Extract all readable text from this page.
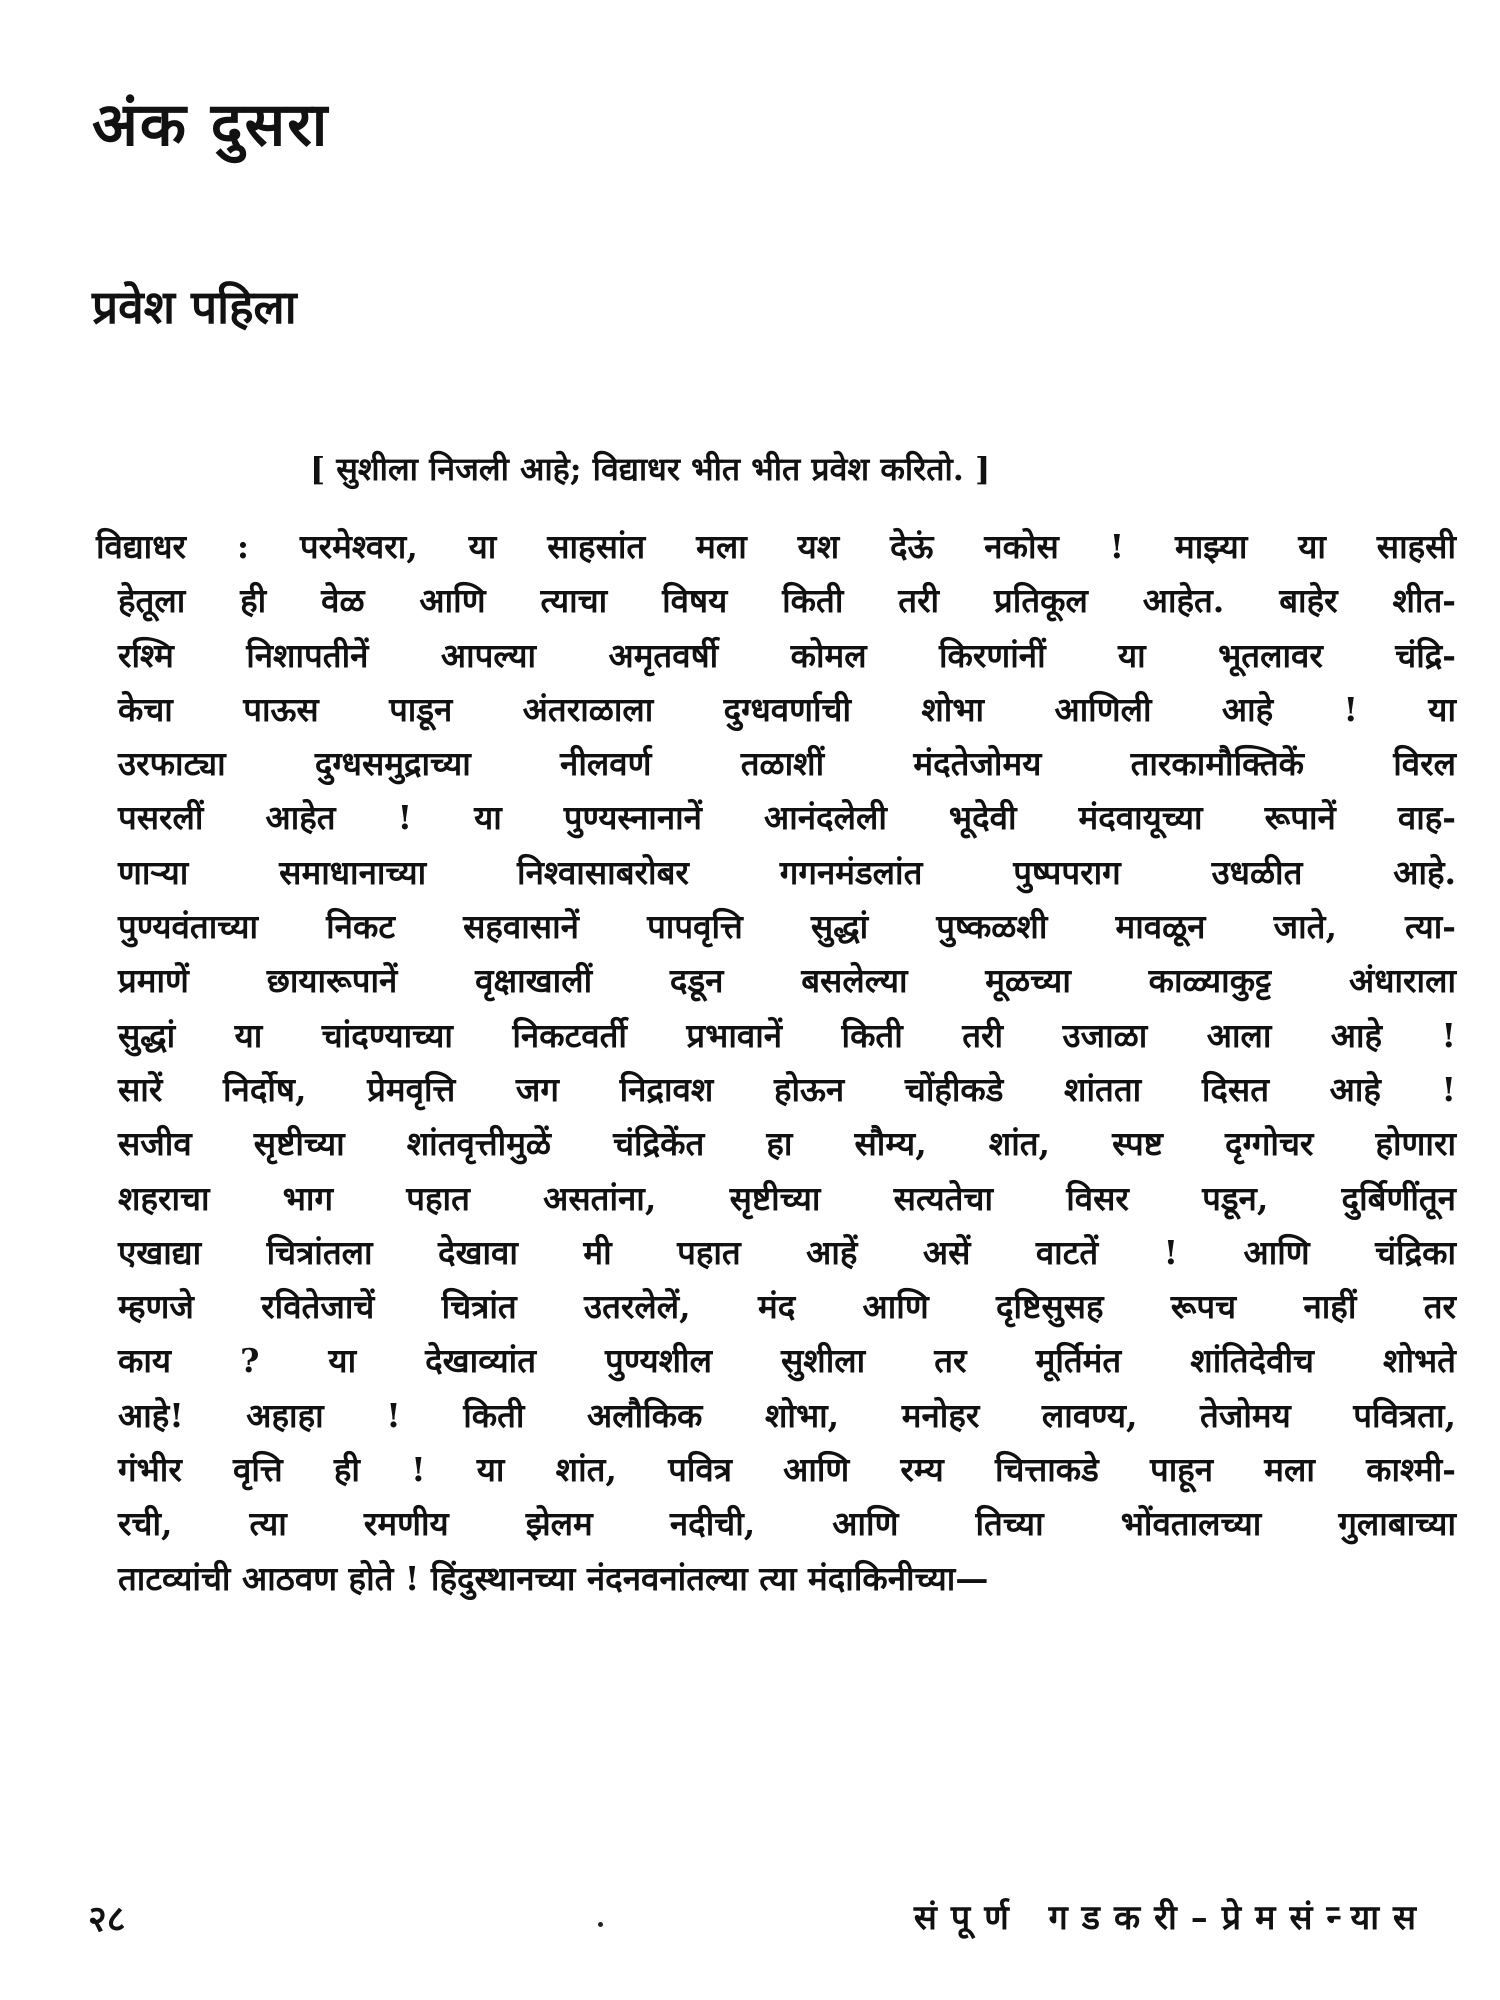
अंक दुसरा
प्रवेश पहिला
[ सुशीला निजली आहे; विद्याधर भीत भीत प्रवेश करितो. ]
विद्याधर : परमेश्वरा, या साहसांत मला यश देऊं नकोस ! माझ्या या साहसी
हेतूला ही वेळ आणि त्याचा विषय किती तरी प्रतिकूल आहेत. बाहेर शीत-
रश्मि निशापतीनें आपल्या अमृतवर्षी कोमल किरणांनीं या भूतलावर चंद्रि-
केचा पाऊस पाडून अंतराळाला दुग्धवर्णाची शोभा आणिली आहे ! या
उरफाट्या दुग्धसमुद्राच्या नीलवर्ण तळाशीं मंदतेजोमय तारकामौक्तिकें विरल
पसरलीं आहेत ! या पुण्यस्नानानें आनंदलेली भूदेवी मंदवायूच्या रूपानें वाह-
णाऱ्या समाधानाच्या निश्वासाबरोबर गगनमंडलांत पुष्पपराग उधळीत आहे.
पुण्यवंताच्या निकट सहवासानें पापवृत्ति सुद्धां पुष्कळशी मावळून जाते, त्या-
प्रमाणें छायारूपानें वृक्षाखालीं दडून बसलेल्या मूळच्या काळ्याकुट्ट अंधाराला
सुद्धां या चांदण्याच्या निकटवर्ती प्रभावानें किती तरी उजाळा आला आहे !
सारें निर्दोष, प्रेमवृत्ति जग निद्रावश होऊन चोंहीकडे शांतता दिसत आहे !
सजीव सृष्टीच्या शांतवृत्तीमुळें चंद्रिकेंत हा सौम्य, शांत, स्पष्ट दृग्गोचर होणारा
शहराचा भाग पहात असतांना, सृष्टीच्या सत्यतेचा विसर पडून, दुर्बिणींतून
एखाद्या चित्रांतला देखावा मी पहात आहें असें वाटतें ! आणि चंद्रिका
म्हणजे रवितेजाचें चित्रांत उतरलेलें, मंद आणि दृष्टिसुसह रूपच नाहीं तर
काय ? या देखाव्यांत पुण्यशील सुशीला तर मूर्तिमंत शांतिदेवीच शोभते
आहे! अहाहा ! किती अलौकिक शोभा, मनोहर लावण्य, तेजोमय पवित्रता,
गंभीर वृत्ति ही ! या शांत, पवित्र आणि रम्य चित्ताकडे पाहून मला काश्मी-
रची, त्या रमणीय झेलम नदीची, आणि तिच्या भोंवतालच्या गुलाबाच्या
ताटव्यांची आठवण होते ! हिंदुस्थानच्या नंदनवनांतल्या त्या मंदाकिनीच्या—
२८	संपूर्ण गडकरी–प्रेमसंन्यास
